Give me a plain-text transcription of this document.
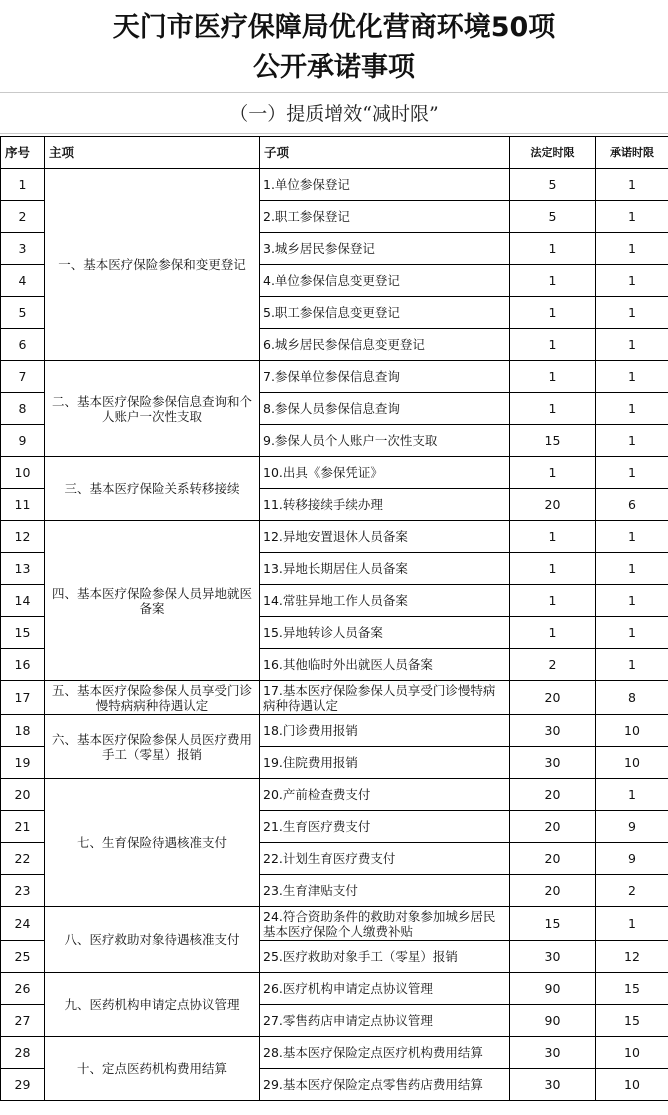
天门市医疗保障局优化营商环境50项
公开承诺事项
（一）提质增效“减时限”
序号	主项	子项	法定时限	承诺时限
1	一、基本医疗保险参保和变更登记	1.单位参保登记	5	1
2		2.职工参保登记	5	1
3		3.城乡居民参保登记	1	1
4		4.单位参保信息变更登记	1	1
5		5.职工参保信息变更登记	1	1
6		6.城乡居民参保信息变更登记	1	1
7	二、基本医疗保险参保信息查询和个人账户一次性支取	7.参保单位参保信息查询	1	1
8		8.参保人员参保信息查询	1	1
9		9.参保人员个人账户一次性支取	15	1
10	三、基本医疗保险关系转移接续	10.出具《参保凭证》	1	1
11		11.转移接续手续办理	20	6
12	四、基本医疗保险参保人员异地就医备案	12.异地安置退休人员备案	1	1
13		13.异地长期居住人员备案	1	1
14		14.常驻异地工作人员备案	1	1
15		15.异地转诊人员备案	1	1
16		16.其他临时外出就医人员备案	2	1
17	五、基本医疗保险参保人员享受门诊慢特病病种待遇认定	17.基本医疗保险参保人员享受门诊慢特病病种待遇认定	20	8
18	六、基本医疗保险参保人员医疗费用手工（零星）报销	18.门诊费用报销	30	10
19		19.住院费用报销	30	10
20	七、生育保险待遇核准支付	20.产前检查费支付	20	1
21		21.生育医疗费支付	20	9
22		22.计划生育医疗费支付	20	9
23		23.生育津贴支付	20	2
24	八、医疗救助对象待遇核准支付	24.符合资助条件的救助对象参加城乡居民基本医疗保险个人缴费补贴	15	1
25		25.医疗救助对象手工（零星）报销	30	12
26	九、医药机构申请定点协议管理	26.医疗机构申请定点协议管理	90	15
27		27.零售药店申请定点协议管理	90	15
28	十、定点医药机构费用结算	28.基本医疗保险定点医疗机构费用结算	30	10
29		29.基本医疗保险定点零售药店费用结算	30	10
